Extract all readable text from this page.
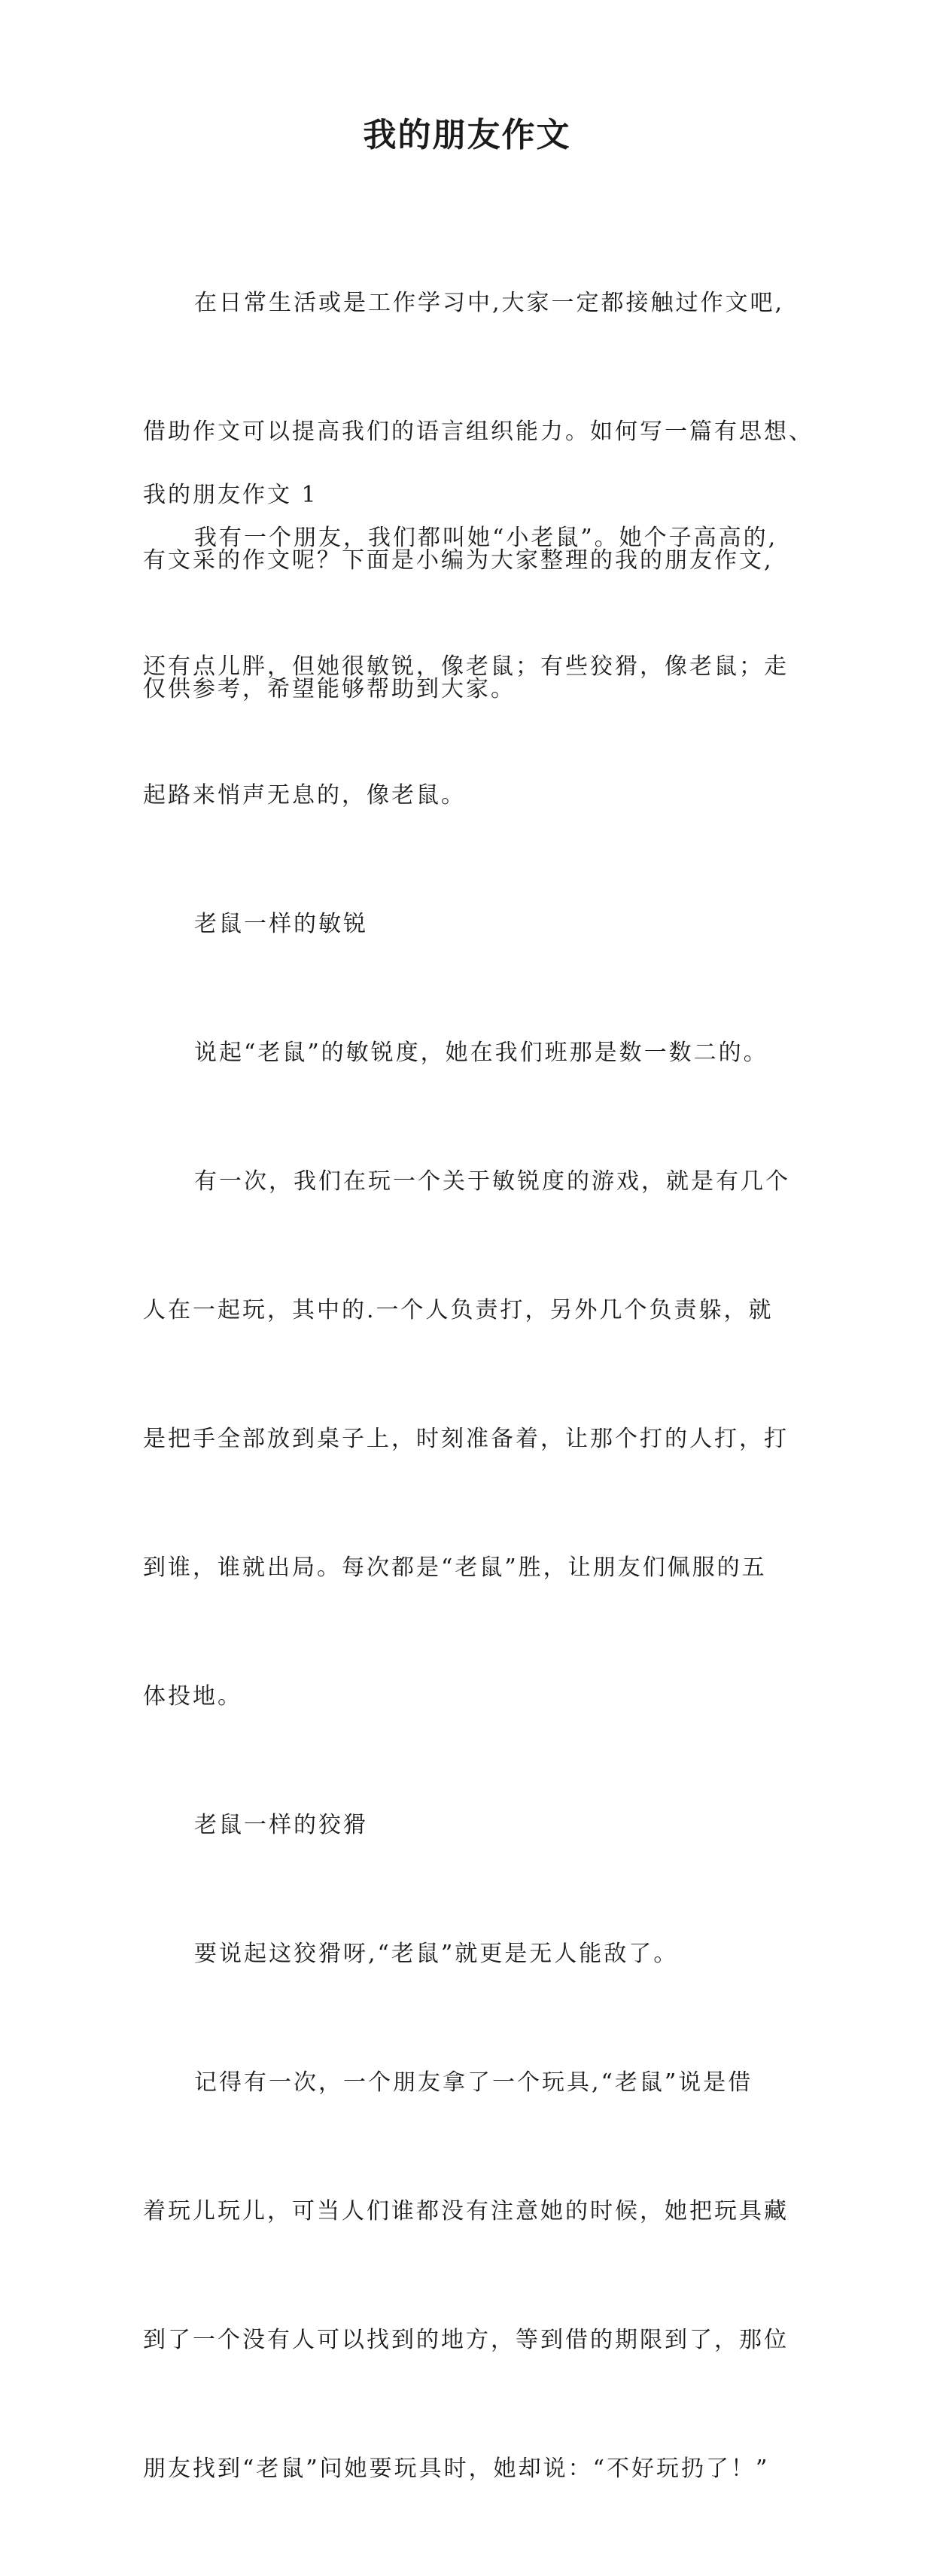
我的朋友作文

在日常生活或是工作学习中,大家一定都接触过作文吧,

借助作文可以提高我们的语言组织能力。如何写一篇有思想、

有文采的作文呢？下面是小编为大家整理的我的朋友作文,

仅供参考，希望能够帮助到大家。

我的朋友作文 1

我有一个朋友，我们都叫她“小老鼠”。她个子高高的,

还有点儿胖，但她很敏锐，像老鼠；有些狡猾，像老鼠；走

起路来悄声无息的，像老鼠。

老鼠一样的敏锐

说起“老鼠”的敏锐度，她在我们班那是数一数二的。

有一次，我们在玩一个关于敏锐度的游戏，就是有几个

人在一起玩，其中的.一个人负责打，另外几个负责躲，就

是把手全部放到桌子上，时刻准备着，让那个打的人打，打

到谁，谁就出局。每次都是“老鼠”胜，让朋友们佩服的五

体投地。

老鼠一样的狡猾

要说起这狡猾呀,“老鼠”就更是无人能敌了。

记得有一次，一个朋友拿了一个玩具,“老鼠”说是借

着玩儿玩儿，可当人们谁都没有注意她的时候，她把玩具藏

到了一个没有人可以找到的地方，等到借的期限到了，那位

朋友找到“老鼠”问她要玩具时，她却说：“不好玩扔了！”
